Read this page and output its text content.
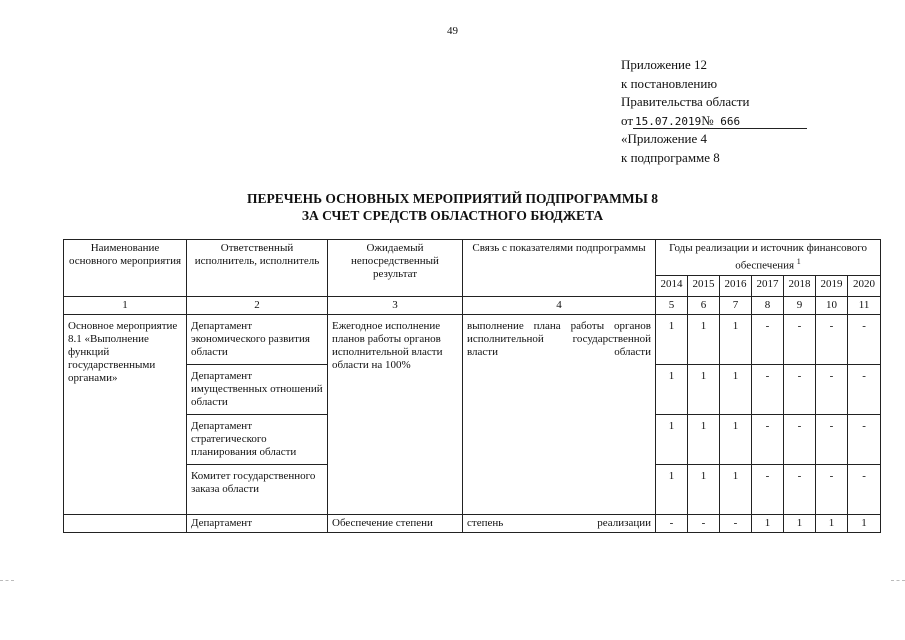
49
Приложение 12
к постановлению
Правительства области
от 15.07.2019№ 666
«Приложение 4
к подпрограмме 8
ПЕРЕЧЕНЬ ОСНОВНЫХ МЕРОПРИЯТИЙ ПОДПРОГРАММЫ 8
ЗА СЧЕТ СРЕДСТВ ОБЛАСТНОГО БЮДЖЕТА
Наименование основного мероприятия	Ответственный исполнитель, исполнитель	Ожидаемый непосредственный результат	Связь с показателями подпрограммы	Годы реализации и источник финансового обеспечения $^1$
				2014	2015	2016	2017	2018	2019	2020
1	2	3	4	5	6	7	8	9	10	11
Основное мероприятие 8.1 «Выполнение функций государственными органами»	Департамент экономического развития области	Ежегодное исполнение планов работы органов исполнительной власти области на 100%	выполнение плана работы органов исполнительной государственной власти области	1	1	1	-	-	-	-
	Департамент имущественных отношений области			1	1	1	-	-	-	-
	Департамент стратегического планирования области			1	1	1	-	-	-	-
	Комитет государственного заказа области			1	1	1	-	-	-	-
	Департамент	Обеспечение степени	степень реализации	-	-	-	1	1	1	1
